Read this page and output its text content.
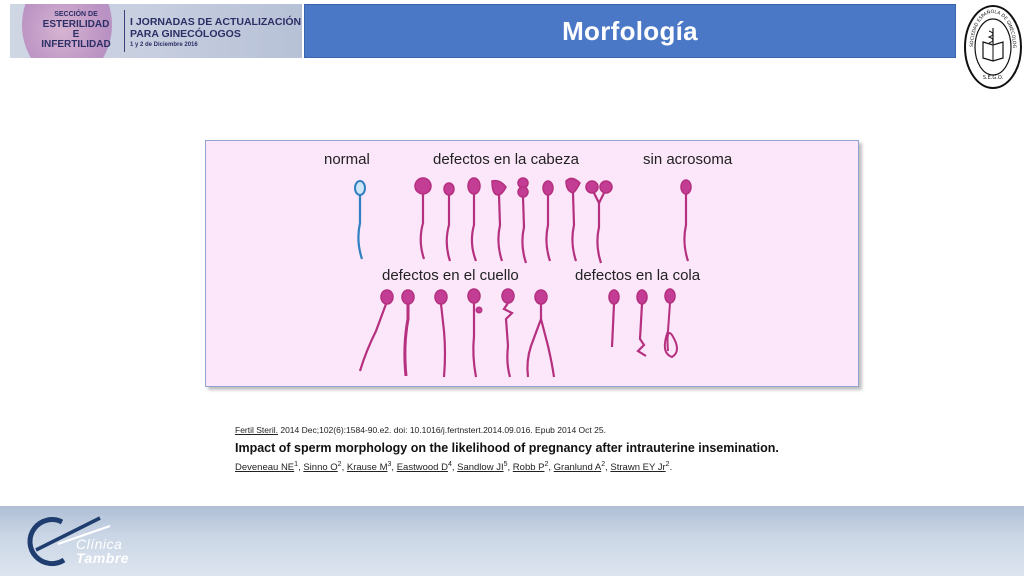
SECCIÓN DE
ESTERILIDAD
E
INFERTILIDAD
I JORNADAS DE ACTUALIZACIÓN
PARA GINECÓLOGOS
1 y 2 de Diciembre 2016	Morfología
SOCIEDAD ESPAÑOLA DE GINECOLOG
S.E.G.O.
normal	defectos en la cabeza	sin acrosoma
defectos en el cuello	defectos en la cola
Fertil Steril. 2014 Dec;102(6):1584-90.e2. doi: 10.1016/j.fertnstert.2014.09.016. Epub 2014 Oct 25.
Impact of sperm morphology on the likelihood of pregnancy after intrauterine insemination.
Deveneau $NE^1$, Sinno $O^2$, Krause $M^3$, Eastwood $D^4$, Sandlow $JI^5$, Robb $P^2$, Granlund $A^2$, Strawn EY Jr$^2$.
Clínica
Tambre
